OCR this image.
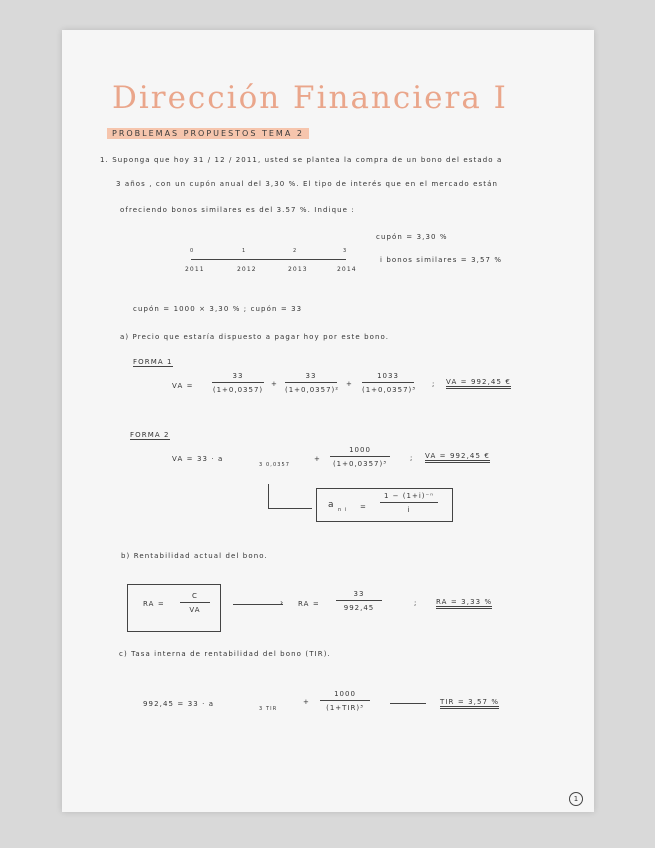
Dirección Financiera I
PROBLEMAS PROPUESTOS TEMA 2
1. Suponga que hoy 31 / 12 / 2011, usted se plantea la compra de un bono del estado a
3 años , con un cupón anual del 3,30 %. El tipo de interés que en el mercado están
ofreciendo bonos similares es del 3.57 %. Indique :
cupón = 3,30 %
i bonos similares = 3,57 %
0	1	2	3
2011	2012	2013	2014
cupón = 1000 × 3,30 % ; cupón = 33
a) Precio que estaría dispuesto a pagar hoy por este bono.
FORMA 1
VA =	$\frac{33}{(1+0,0357)} + \frac{33}{\text{(1+0,0357)²}} + \frac{1033}{\text{(1+0,0357)³}}$	; VA = 992,45 €
FORMA 2
VA = 33 · a
3 0,0357
+ $\frac{1000}{\text{(1+0,0357)³}}$	; VA = 992,45 €
a n $i = \frac{\text{1 − (1+i)⁻ⁿ}}{i}$
b) Rentabilidad actual del bono.
RA = $\frac{C}{VA}$	› RA = $\frac{33}{992,45}$	;	RA = 3,33 %
c) Tasa interna de rentabilidad del bono (TIR).
992,45 = 33 · a
3 TIR
+
1000
(1+TIR)³
TIR = 3,57 %
1
